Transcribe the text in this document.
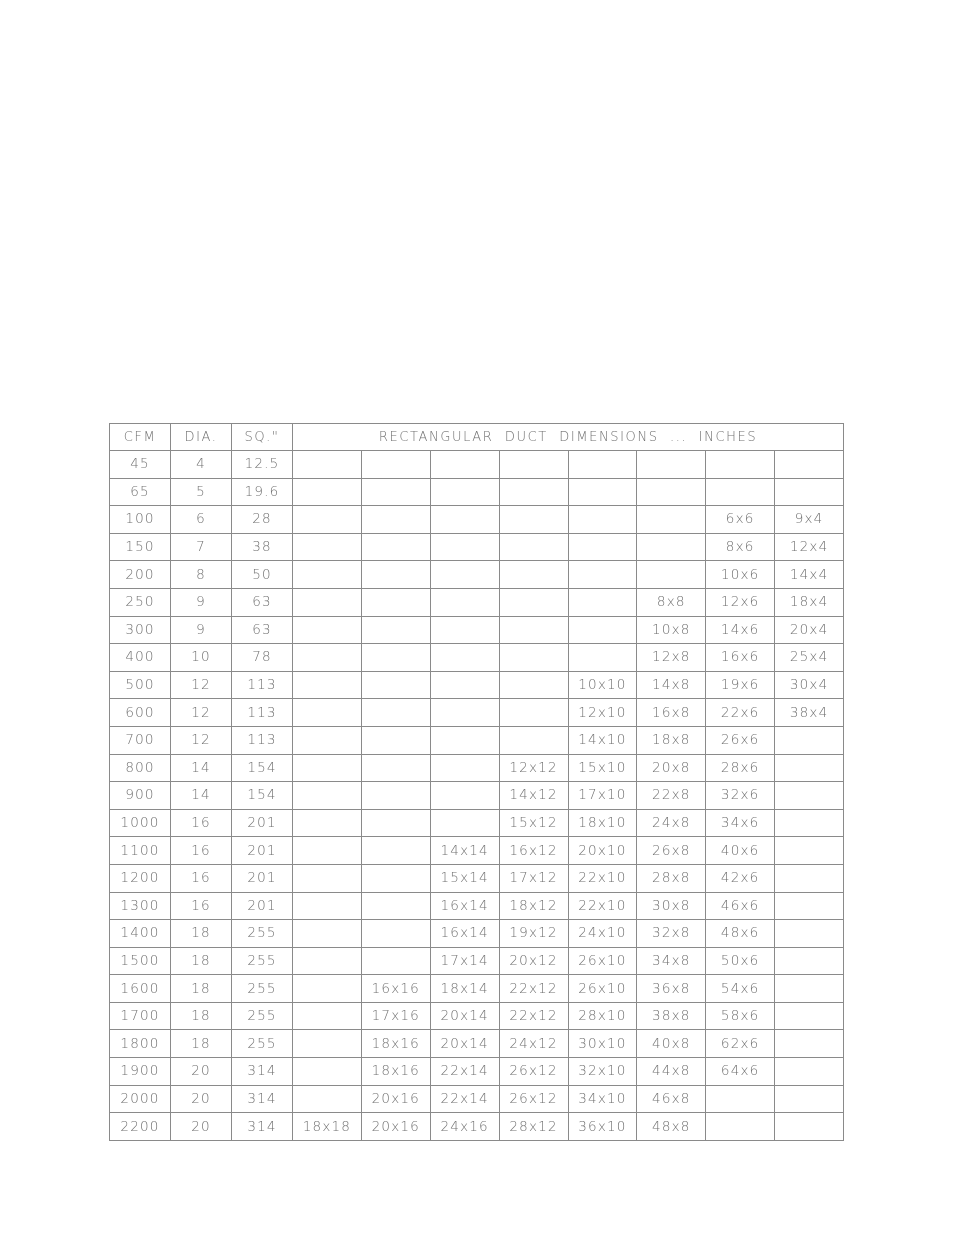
CFM	DIA.	SQ."	RECTANGULAR  DUCT  DIMENSIONS  ...  INCHES							
45	4	12.5								
65	5	19.6								
100	6	28							6x6	9x4
150	7	38							8x6	12x4
200	8	50							10x6	14x4
250	9	63						8x8	12x6	18x4
300	9	63						10x8	14x6	20x4
400	10	78						12x8	16x6	25x4
500	12	113					10x10	14x8	19x6	30x4
600	12	113					12x10	16x8	22x6	38x4
700	12	113					14x10	18x8	26x6	
800	14	154				12x12	15x10	20x8	28x6	
900	14	154				14x12	17x10	22x8	32x6	
1000	16	201				15x12	18x10	24x8	34x6	
1100	16	201			14x14	16x12	20x10	26x8	40x6	
1200	16	201			15x14	17x12	22x10	28x8	42x6	
1300	16	201			16x14	18x12	22x10	30x8	46x6	
1400	18	255			16x14	19x12	24x10	32x8	48x6	
1500	18	255			17x14	20x12	26x10	34x8	50x6	
1600	18	255		16x16	18x14	22x12	26x10	36x8	54x6	
1700	18	255		17x16	20x14	22x12	28x10	38x8	58x6	
1800	18	255		18x16	20x14	24x12	30x10	40x8	62x6	
1900	20	314		18x16	22x14	26x12	32x10	44x8	64x6	
2000	20	314		20x16	22x14	26x12	34x10	46x8		
2200	20	314	18x18	20x16	24x16	28x12	36x10	48x8		
